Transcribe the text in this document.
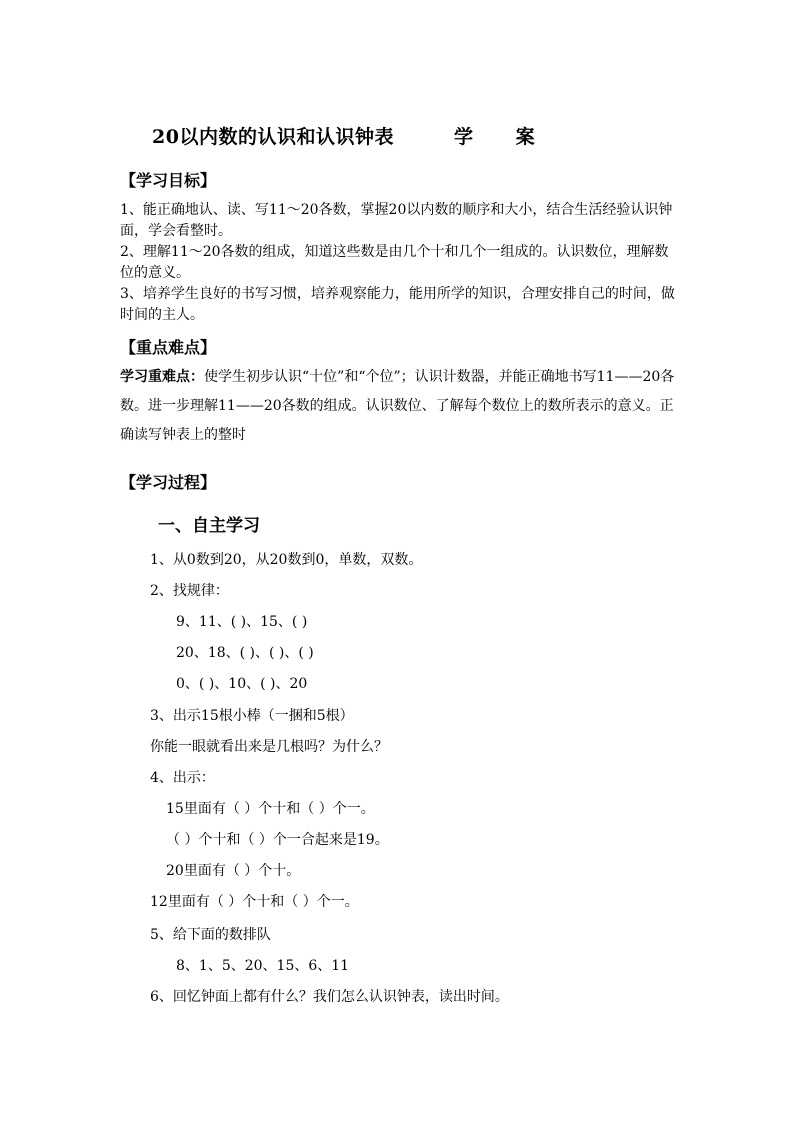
20以内数的认识和认识钟表	学 案
【学习目标】

1、能正确地认、读、写11～20各数，掌握20以内数的顺序和大小，结合生活经验认识钟面，学会看整时。

2、理解11～20各数的组成，知道这些数是由几个十和几个一组成的。认识数位，理解数位的意义。

3、培养学生良好的书写习惯，培养观察能力，能用所学的知识，合理安排自己的时间，做时间的主人。

【重点难点】
学习重难点：使学生初步认识“十位”和“个位”；认识计数器，并能正确地书写11——20各数。进一步理解11——20各数的组成。认识数位、了解每个数位上的数所表示的意义。正确读写钟表上的整时
【学习过程】
一、自主学习
1、从0数到20，从20数到0，单数，双数。
2、找规律：
9、11、( )、15、( )
20、18、( )、( )、( )
0、( )、10、( )、20
3、出示15根小棒（一捆和5根）
你能一眼就看出来是几根吗？为什么？
4、出示：
15里面有（ ）个十和（ ）个一。
（ ）个十和（ ）个一合起来是19。
20里面有（ ）个十。
12里面有（ ）个十和（ ）个一。
5、给下面的数排队
8、1、5、20、15、6、11
6、回忆钟面上都有什么？我们怎么认识钟表，读出时间。
